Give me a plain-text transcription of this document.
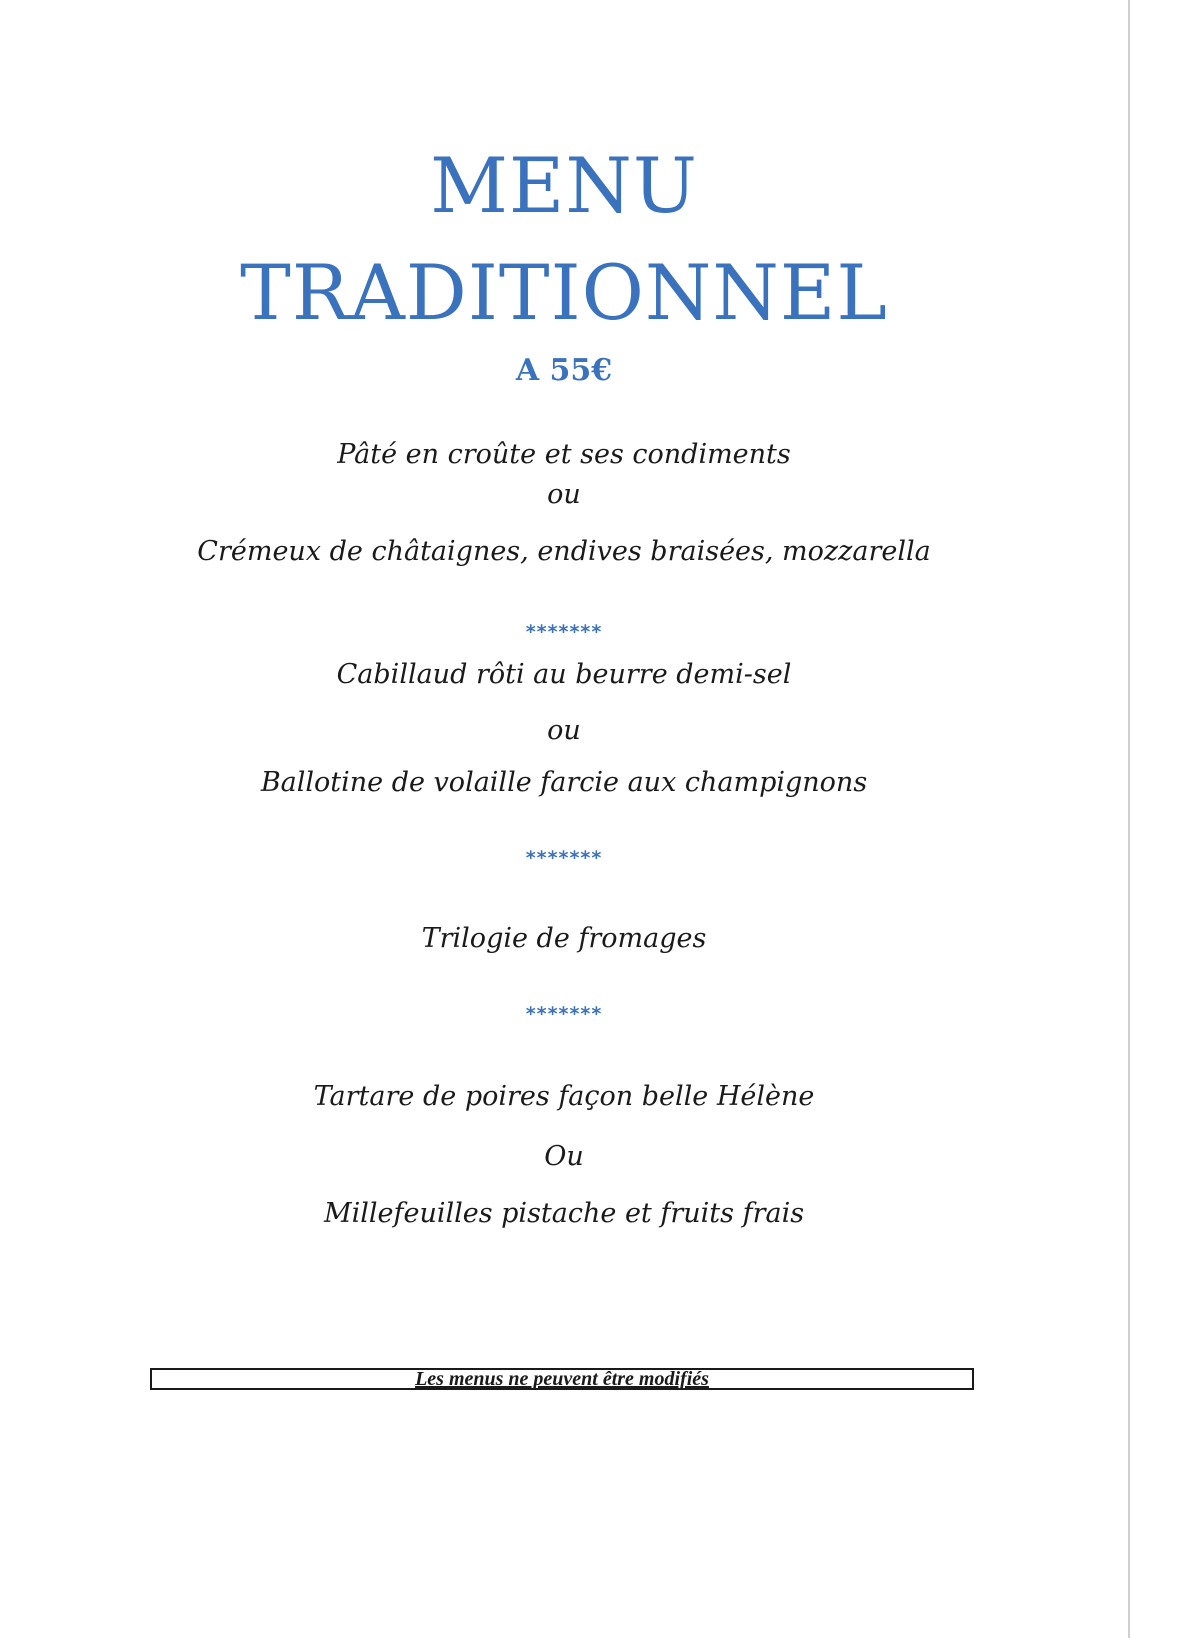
MENU
TRADITIONNEL
A 55€
Pâté en croûte et ses condiments
ou
Crémeux de châtaignes, endives braisées, mozzarella
*******
Cabillaud rôti au beurre demi-sel
ou
Ballotine de volaille farcie aux champignons
*******
Trilogie de fromages
*******
Tartare de poires façon belle Hélène
Ou
Millefeuilles pistache et fruits frais
Les menus ne peuvent être modifiés
